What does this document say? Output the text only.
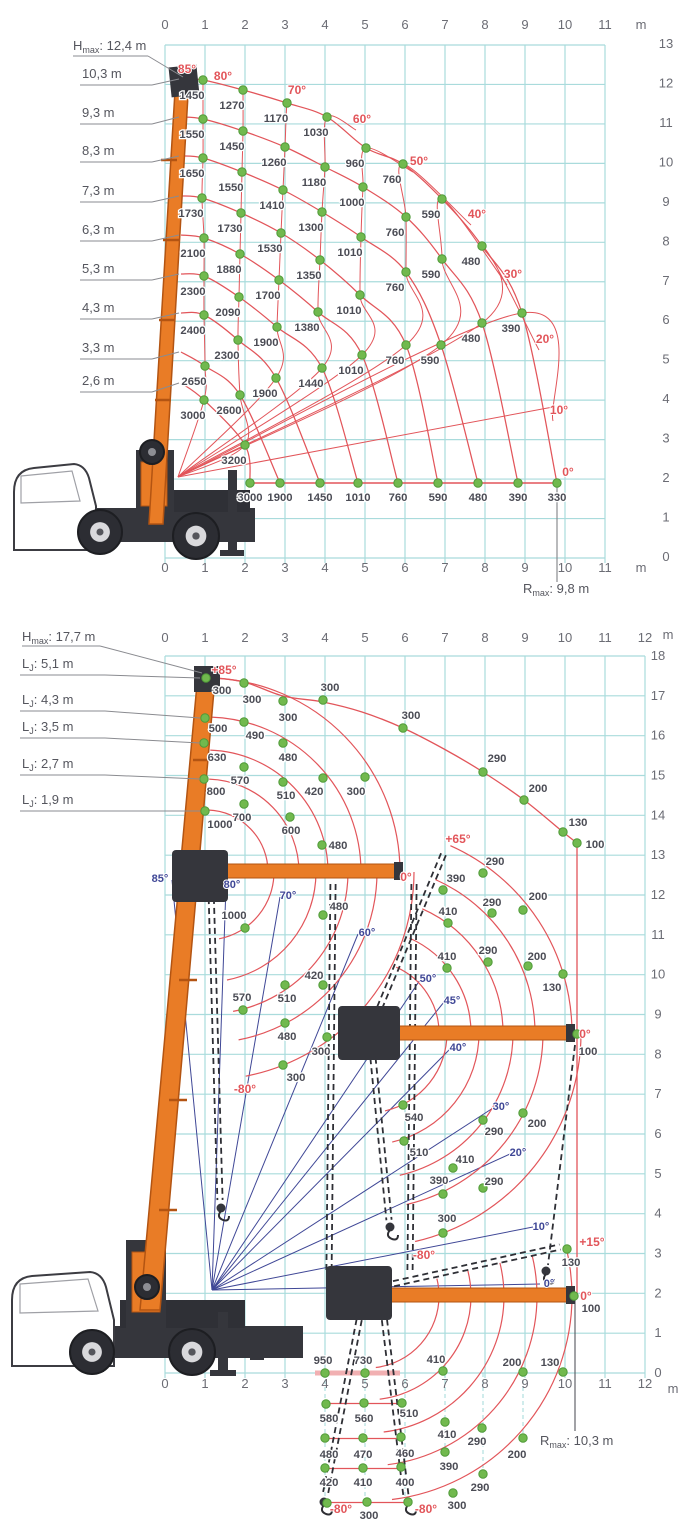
$H_{max}$: 12,4 m
10,3 m
9,3 m
8,3 m
7,3 m
6,3 m
5,3 m
4,3 m
3,3 m
2,6 m
85° 80°
70°
60°
50°
40°
30°
20°
10°
0°
1450
1270
1170
1030
960
760
590
480
390
330
1550
1450
1260
1180
1000
760
590
480
390
1650
1550
1410
1300
1010
760
590
480
1730
1730
1530
1350
1010
760
590
2100
1880
1700
1380
1010
760
2300
2090
1900
1440
1010
2400
2300
1900
1450
2650
2600
1900
3000
3200
3000
0
0
1
1
2
2
3
3
4
4
5
5
6
6
7
7
8
8
9
9
10
10
11
11
m
m
13
12
11
10
9
8
7
6
5
4
3
2
1
0
$R_{max}$: 9,8 m
300
500
630
800
1000
300
490
570
700
300
480
510
600
300
420
480
300
300
290
200
130
100
1000
480
510
420
570
480
300
300
390
290
200
290
410
290
410	200
130
100
540
510
410
390
290
290
200
300
130
100
950 730	410	200 130
580 560 510
480 470 460
420 410 400
300
410
390
290
200
290
300
85°	80°
70°
60°
50°
45°
40°
30°
20°
10°
0°
+85°
0°
+65°
-80°
0°
-80°
+15°
0°
-80°	-80°
0
0
1
1
2
2
3
3
4
4
5
5
6
6
7
7
8
8
9
9
10
10
11
11
12
12
m
m
18
17
16
15
14
13
12
11
10
9
8
7
6
5
4
3
2
1
0
$H_{max}$: 17,7 m
$L_J$: 5,1 m
$L_J$: 4,3 m
$L_J$: 3,5 m
$L_J$: 2,7 m
$L_J$: 1,9 m
$R_{max}$: 10,3 m
